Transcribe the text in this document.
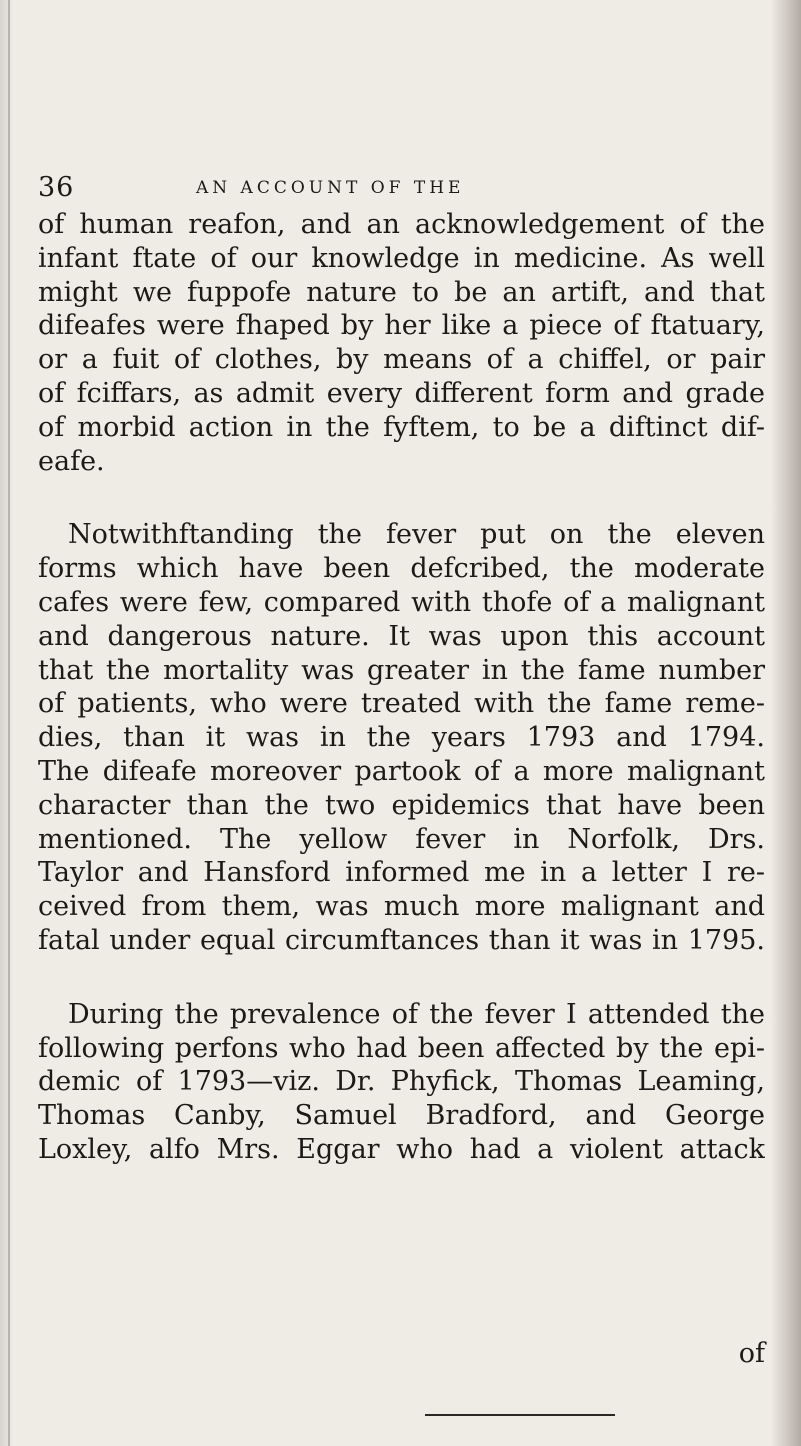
36	AN ACCOUNT OF THE
of human reafon, and an acknowledgement of the
infant ftate of our knowledge in medicine. As well
might we fuppofe nature to be an artift, and that
difeafes were fhaped by her like a piece of ftatuary,
or a fuit of clothes, by means of a chiffel, or pair
of fciffars, as admit every different form and grade
of morbid action in the fyftem, to be a diftinct dif-
eafe.
Notwithftanding the fever put on the eleven
forms which have been defcribed, the moderate
cafes were few, compared with thofe of a malignant
and dangerous nature. It was upon this account
that the mortality was greater in the fame number
of patients, who were treated with the fame reme-
dies, than it was in the years 1793 and 1794.
The difeafe moreover partook of a more malignant
character than the two epidemics that have been
mentioned. The yellow fever in Norfolk, Drs.
Taylor and Hansford informed me in a letter I re-
ceived from them, was much more malignant and
fatal under equal circumftances than it was in 1795.
During the prevalence of the fever I attended the
following perfons who had been affected by the epi-
demic of 1793—viz. Dr. Phyfick, Thomas Leaming,
Thomas Canby, Samuel Bradford, and George
Loxley, alfo Mrs. Eggar who had a violent attack
of
